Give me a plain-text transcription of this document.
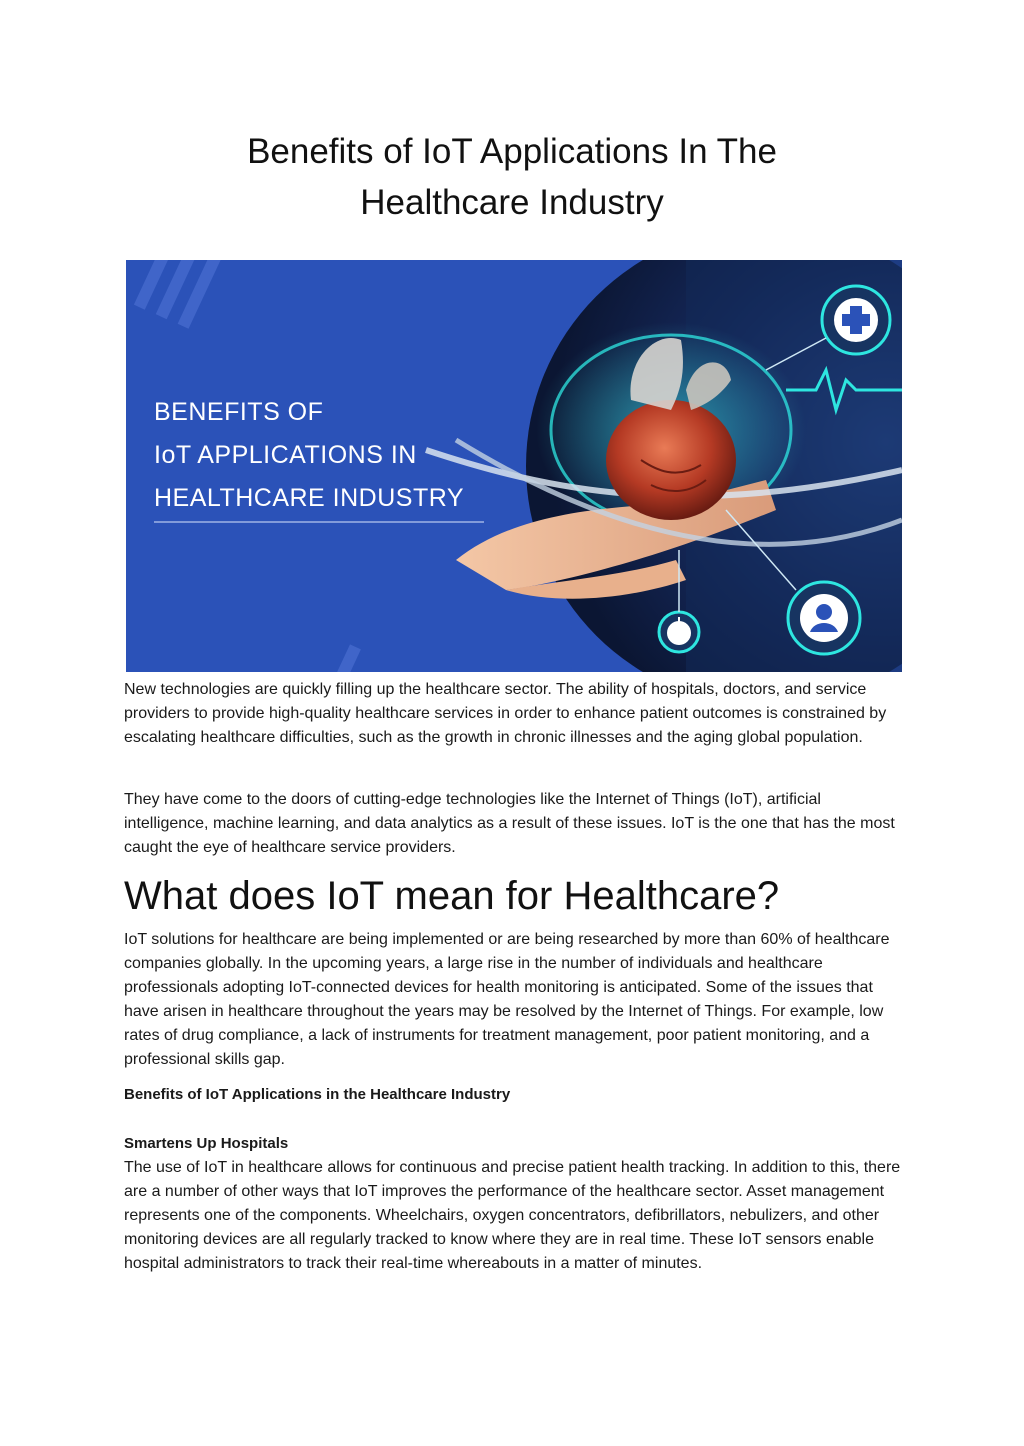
Benefits of IoT Applications In The
Healthcare Industry
BENEFITS OF
IoT APPLICATIONS IN
HEALTHCARE INDUSTRY

New technologies are quickly filling up the healthcare sector. The ability of hospitals, doctors, and service providers to provide high-quality healthcare services in order to enhance patient outcomes is constrained by escalating healthcare difficulties, such as the growth in chronic illnesses and the aging global population.

They have come to the doors of cutting-edge technologies like the Internet of Things (IoT), artificial intelligence, machine learning, and data analytics as a result of these issues. IoT is the one that has the most caught the eye of healthcare service providers.

What does IoT mean for Healthcare?

IoT solutions for healthcare are being implemented or are being researched by more than 60% of healthcare companies globally. In the upcoming years, a large rise in the number of individuals and healthcare professionals adopting IoT-connected devices for health monitoring is anticipated. Some of the issues that have arisen in healthcare throughout the years may be resolved by the Internet of Things. For example, low rates of drug compliance, a lack of instruments for treatment management, poor patient monitoring, and a professional skills gap.

Benefits of IoT Applications in the Healthcare Industry

Smartens Up Hospitals

The use of IoT in healthcare allows for continuous and precise patient health tracking. In addition to this, there are a number of other ways that IoT improves the performance of the healthcare sector. Asset management represents one of the components. Wheelchairs, oxygen concentrators, defibrillators, nebulizers, and other monitoring devices are all regularly tracked to know where they are in real time. These IoT sensors enable hospital administrators to track their real-time whereabouts in a matter of minutes.
